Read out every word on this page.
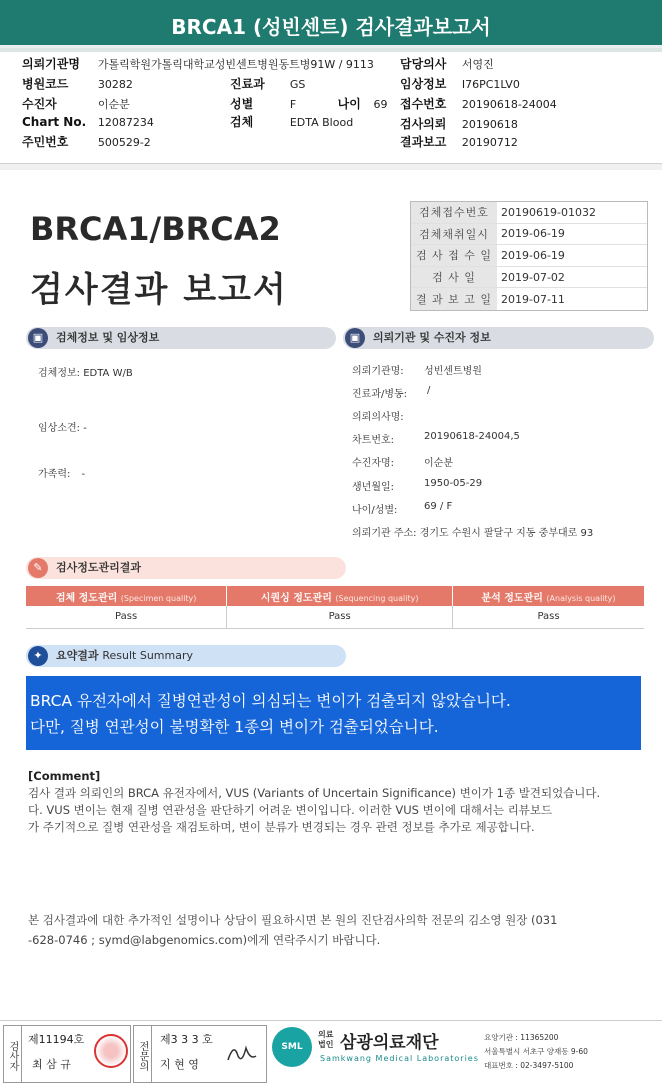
BRCA1 (성빈센트) 검사결과보고서
의뢰기관명 가톨릭학원가톨릭대학교성빈센트병원동트병91W / 9113
병원코드	30282
수진자	이순분
Chart No. 12087234
주민번호	500529-2
진료과 GS
성별	F	나이 69
검체	EDTA Blood
담당의사 서영진
임상정보 I76PC1LV0
접수번호 20190618-24004
검사의뢰 20190618
결과보고 20190712
BRCA1/BRCA2
검사결과 보고서
검체접수번호	20190619-01032
검체채취일시	2019-06-19
검 사 접 수 일 2019-06-19
검 사 일	2019-07-02
결 과 보 고 일 2019-07-11
▣	검체정보 및 임상정보
검체정보: EDTA W/B
임상소견: -
가족력: -
▣	의뢰기관 및 수진자 정보
의뢰기관명: 성빈센트병원
진료과/병동: /
의뢰의사명:
차트번호:	20190618-24004,5
수진자명:	이순분
생년월일:	1950-05-29
나이/성별:	69 / F
의뢰기관 주소: 경기도 수원시 팔달구 지동 중부대로 93
✎	검사정도관리결과
검체 정도관리 (Specimen quality)	시퀀싱 정도관리 (Sequencing quality)	분석 정도관리 (Analysis quality)
Pass	Pass	Pass
✦	요약결과 Result Summary
BRCA 유전자에서 질병연관성이 의심되는 변이가 검출되지 않았습니다.
다만, 질병 연관성이 불명확한 1종의 변이가 검출되었습니다.
[Comment]
검사 결과 의뢰인의 BRCA 유전자에서, VUS (Variants of Uncertain Significance) 변이가 1종 발견되었습니다.
다. VUS 변이는 현재 질병 연관성을 판단하기 어려운 변이입니다. 이러한 VUS 변이에 대해서는 리뷰보드
가 주기적으로 질병 연관성을 재검토하며, 변이 분류가 변경되는 경우 관련 정보를 추가로 제공합니다.
본 검사결과에 대한 추가적인 설명이나 상담이 필요하시면 본 원의 진단검사의학 전문의 김소영 원장 (031
-628-0746 ; symd@labgenomics.com)에게 연락주시기 바랍니다.
검사자
제11194호
최 삼 규	전문의
제3 3 3 호
지 현 영
SML
의료
법인 삼광의료재단
Samkwang Medical Laboratories
요양기관 : 11365200
서울특별시 서초구 양재동 9-60
대표번호 : 02-3497-5100
